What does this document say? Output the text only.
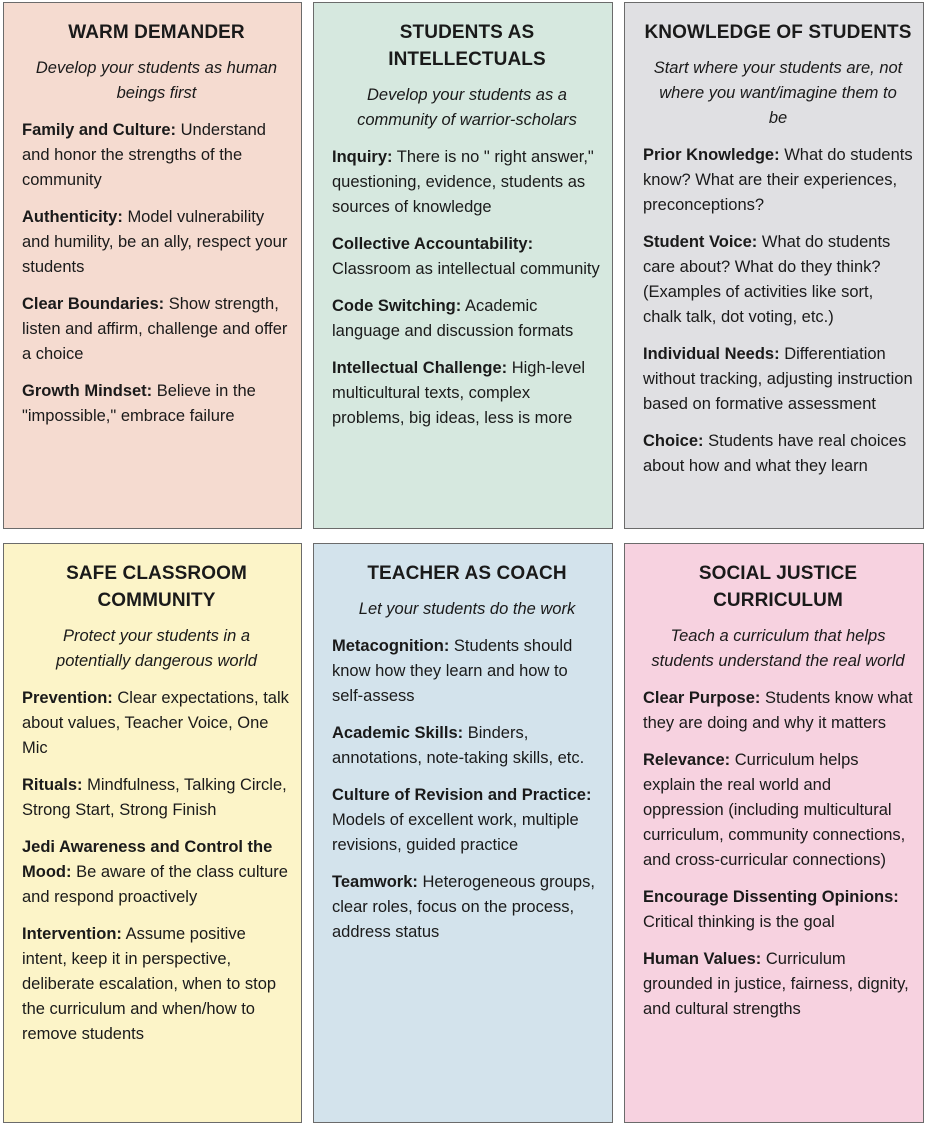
WARM DEMANDER
Develop your students as human beings first
Family and Culture: Understand and honor the strengths of the community
Authenticity: Model vulnerability and humility, be an ally, respect your students
Clear Boundaries: Show strength, listen and affirm, challenge and offer a choice
Growth Mindset: Believe in the "impossible," embrace failure
STUDENTS AS INTELLECTUALS
Develop your students as a community of warrior-scholars
Inquiry: There is no " right answer," questioning, evidence, students as sources of knowledge
Collective Accountability: Classroom as intellectual community
Code Switching: Academic language and discussion formats
Intellectual Challenge: High-level multicultural texts, complex problems, big ideas, less is more
KNOWLEDGE OF STUDENTS
Start where your students are, not where you want/imagine them to be
Prior Knowledge: What do students know? What are their experiences, preconceptions?
Student Voice: What do students care about? What do they think? (Examples of activities like sort, chalk talk, dot voting, etc.)
Individual Needs: Differentiation without tracking, adjusting instruction based on formative assessment
Choice: Students have real choices about how and what they learn
SAFE CLASSROOM COMMUNITY
Protect your students in a potentially dangerous world
Prevention: Clear expectations, talk about values, Teacher Voice, One Mic
Rituals: Mindfulness, Talking Circle, Strong Start, Strong Finish
Jedi Awareness and Control the Mood: Be aware of the class culture and respond proactively
Intervention: Assume positive intent, keep it in perspective, deliberate escalation, when to stop the curriculum and when/how to remove students
TEACHER AS COACH
Let your students do the work
Metacognition: Students should know how they learn and how to self-assess
Academic Skills: Binders, annotations, note-taking skills, etc.
Culture of Revision and Practice: Models of excellent work, multiple revisions, guided practice
Teamwork: Heterogeneous groups, clear roles, focus on the process, address status
SOCIAL JUSTICE CURRICULUM
Teach a curriculum that helps students understand the real world
Clear Purpose: Students know what they are doing and why it matters
Relevance: Curriculum helps explain the real world and oppression (including multicultural curriculum, community connections, and cross-curricular connections)
Encourage Dissenting Opinions: Critical thinking is the goal
Human Values: Curriculum grounded in justice, fairness, dignity, and cultural strengths
